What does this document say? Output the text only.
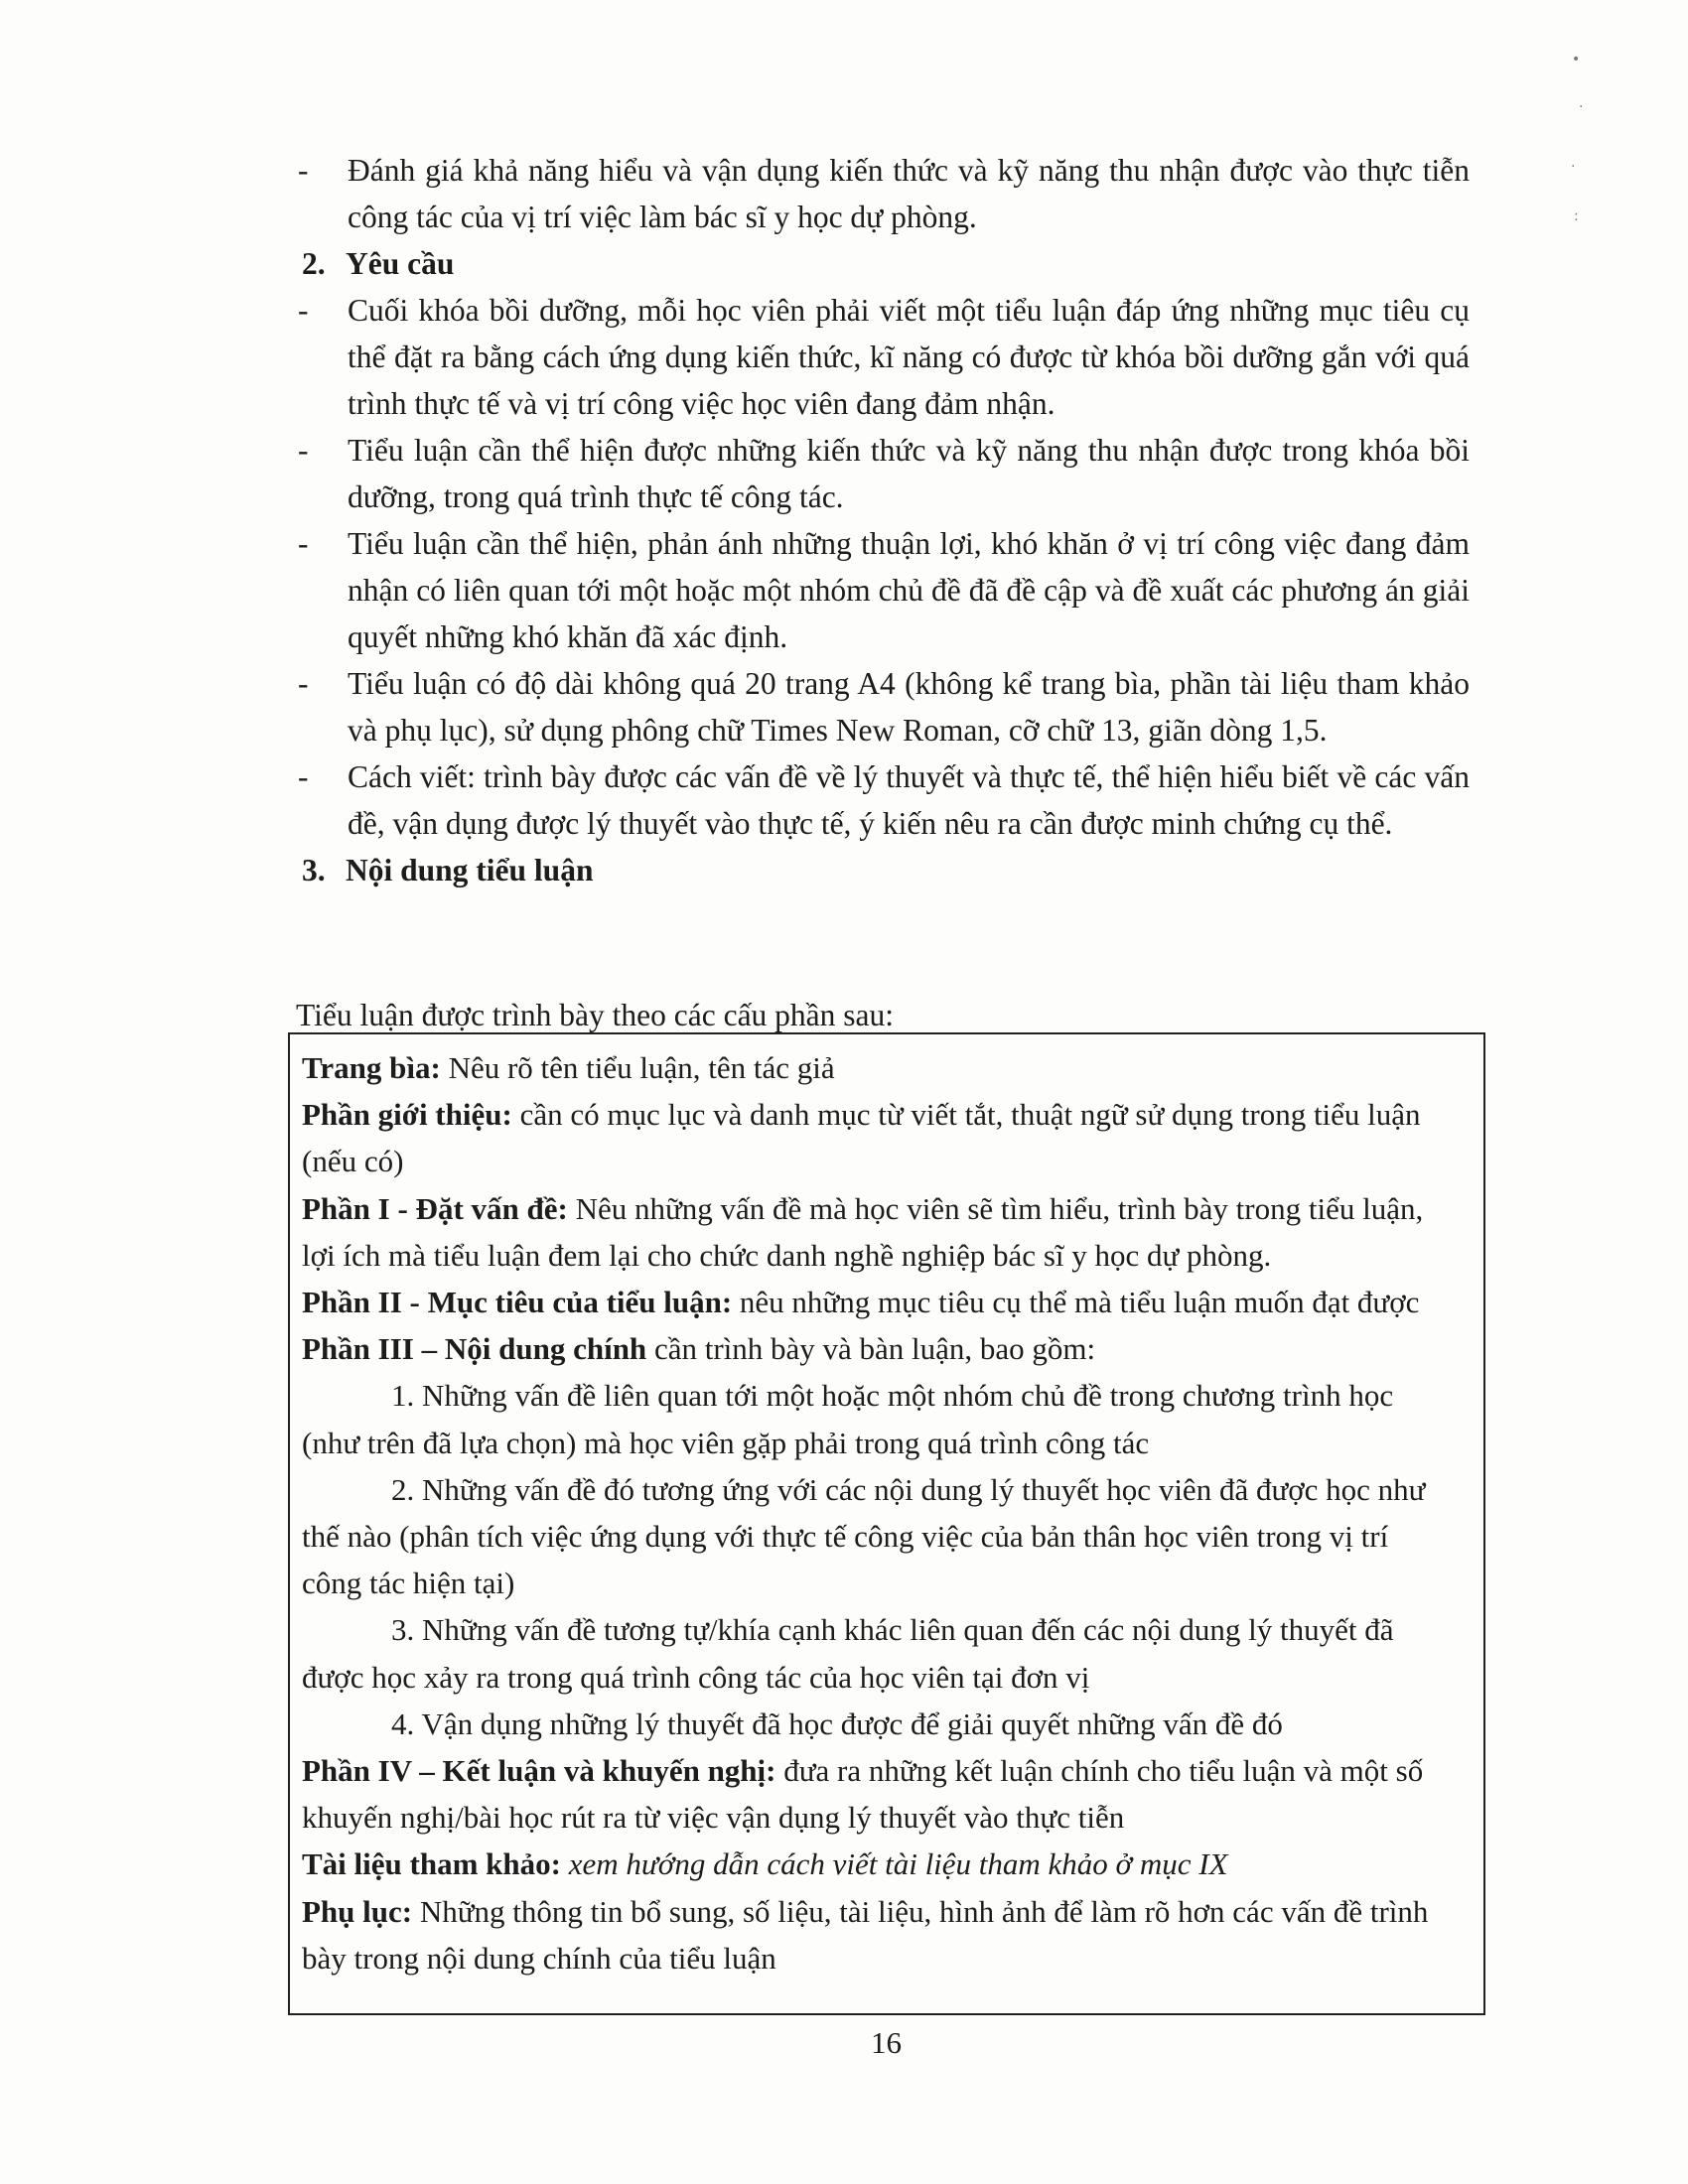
- Đánh giá khả năng hiểu và vận dụng kiến thức và kỹ năng thu nhận được vào thực tiễn công tác của vị trí việc làm bác sĩ y học dự phòng.
2. Yêu cầu
- Cuối khóa bồi dưỡng, mỗi học viên phải viết một tiểu luận đáp ứng những mục tiêu cụ thể đặt ra bằng cách ứng dụng kiến thức, kĩ năng có được từ khóa bồi dưỡng gắn với quá trình thực tế và vị trí công việc học viên đang đảm nhận.
- Tiểu luận cần thể hiện được những kiến thức và kỹ năng thu nhận được trong khóa bồi dưỡng, trong quá trình thực tế công tác.
- Tiểu luận cần thể hiện, phản ánh những thuận lợi, khó khăn ở vị trí công việc đang đảm nhận có liên quan tới một hoặc một nhóm chủ đề đã đề cập và đề xuất các phương án giải quyết những khó khăn đã xác định.
- Tiểu luận có độ dài không quá 20 trang A4 (không kể trang bìa, phần tài liệu tham khảo và phụ lục), sử dụng phông chữ Times New Roman, cỡ chữ 13, giãn dòng 1,5.
- Cách viết: trình bày được các vấn đề về lý thuyết và thực tế, thể hiện hiểu biết về các vấn đề, vận dụng được lý thuyết vào thực tế, ý kiến nêu ra cần được minh chứng cụ thể.
3. Nội dung tiểu luận
Tiểu luận được trình bày theo các cấu phần sau:
Trang bìa: Nêu rõ tên tiểu luận, tên tác giả
Phần giới thiệu: cần có mục lục và danh mục từ viết tắt, thuật ngữ sử dụng trong tiểu luận (nếu có)
Phần I - Đặt vấn đề: Nêu những vấn đề mà học viên sẽ tìm hiểu, trình bày trong tiểu luận, lợi ích mà tiểu luận đem lại cho chức danh nghề nghiệp bác sĩ y học dự phòng.
Phần II - Mục tiêu của tiểu luận: nêu những mục tiêu cụ thể mà tiểu luận muốn đạt được
Phần III – Nội dung chính cần trình bày và bàn luận, bao gồm:
1. Những vấn đề liên quan tới một hoặc một nhóm chủ đề trong chương trình học (như trên đã lựa chọn) mà học viên gặp phải trong quá trình công tác
2. Những vấn đề đó tương ứng với các nội dung lý thuyết học viên đã được học như thế nào (phân tích việc ứng dụng với thực tế công việc của bản thân học viên trong vị trí công tác hiện tại)
3. Những vấn đề tương tự/khía cạnh khác liên quan đến các nội dung lý thuyết đã được học xảy ra trong quá trình công tác của học viên tại đơn vị
4. Vận dụng những lý thuyết đã học được để giải quyết những vấn đề đó
Phần IV – Kết luận và khuyến nghị: đưa ra những kết luận chính cho tiểu luận và một số khuyến nghị/bài học rút ra từ việc vận dụng lý thuyết vào thực tiễn
Tài liệu tham khảo: xem hướng dẫn cách viết tài liệu tham khảo ở mục IX
Phụ lục: Những thông tin bổ sung, số liệu, tài liệu, hình ảnh để làm rõ hơn các vấn đề trình bày trong nội dung chính của tiểu luận
16
•
·
·
:
